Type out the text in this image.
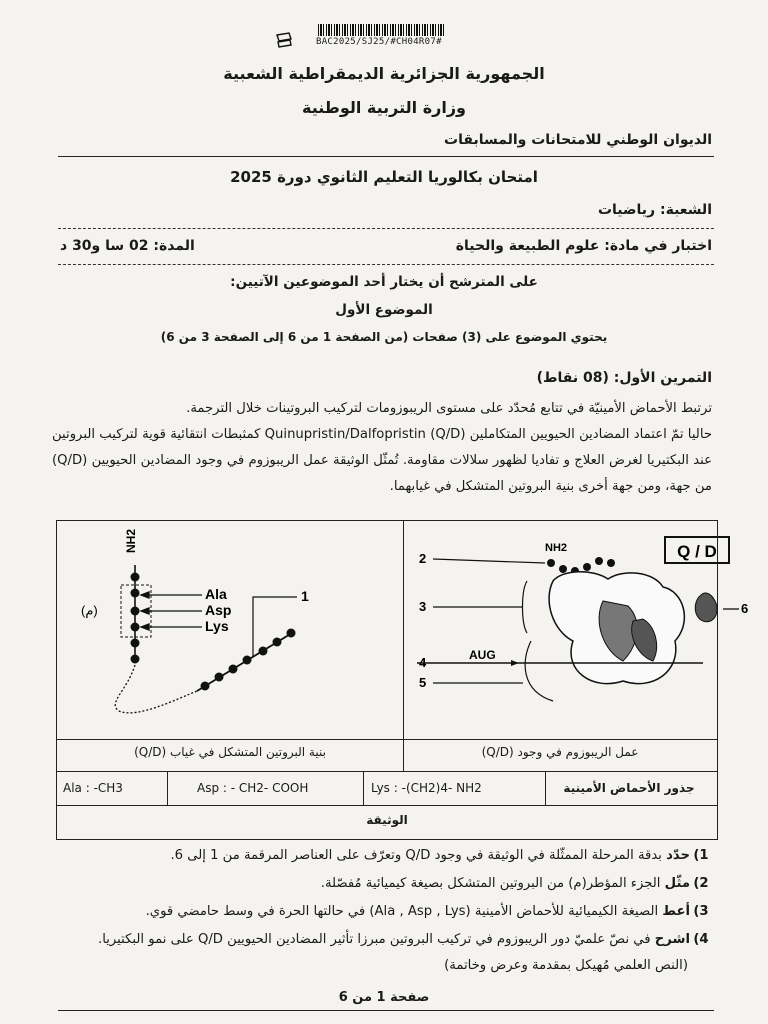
BAC2025/SJ25/#CH04R07#
الجمهورية الجزائرية الديمقراطية الشعبية
وزارة التربية الوطنية
الديوان الوطني للامتحانات والمسابقات
امتحان بكالوريا التعليم الثانوي دورة 2025
الشعبة: رياضيات
اختبار في مادة: علوم الطبيعة والحياة
المدة: 02 سا و30 د
على المترشح أن يختار أحد الموضوعين الآتيين:
الموضوع الأول
يحتوي الموضوع على (3) صفحات (من الصفحة 1 من 6 إلى الصفحة 3 من 6)
التمرين الأول: (08 نقاط)

ترتبط الأحماض الأمينيّة في تتابع مُحدّد على مستوى الريبوزومات لتركيب البروتينات خلال الترجمة.

حاليا تمّ اعتماد المضادين الحيويين المتكاملين (Q/D) Quinupristin/Dalfopristin كمثبطات انتقائية قوية لتركيب البروتين عند البكتيريا لغرض العلاج و تفاديا لظهور سلالات مقاومة. تُمثّل الوثيقة عمل الريبوزوم في وجود المضادين الحيويين (Q/D) من جهة، ومن جهة أخرى بنية البروتين المتشكل في غيابهما.

NH2
(م)
Ala
Asp
Lys
1
NH2	Q / D
6
AUG
2
3
4
5
بنية البروتين المتشكل في غياب (Q/D)	عمل الريبوزوم في وجود (Q/D)
Ala : -CH3	Asp : - CH2- COOH	Lys : -(CH2)4- NH2	جذور الأحماض الأمينية
الوثيقة
1)حدّد بدقة المرحلة الممثّلة في الوثيقة في وجود Q/D وتعرّف على العناصر المرقمة من 1 إلى 6.
2)مثّل الجزء المؤطر(م) من البروتين المتشكل بصيغة كيميائية مُفصّلة.
3)أعط الصيغة الكيميائية للأحماض الأمينية (Ala , Asp , Lys) في حالتها الحرة في وسط حامضي قوي.
4)اشرح في نصّ علميّ دور الريبوزوم في تركيب البروتين مبرزا تأثير المضادين الحيويين Q/D على نمو البكتيريا.
(النص العلمي مُهيكل بمقدمة وعرض وخاتمة)
صفحة 1 من 6
